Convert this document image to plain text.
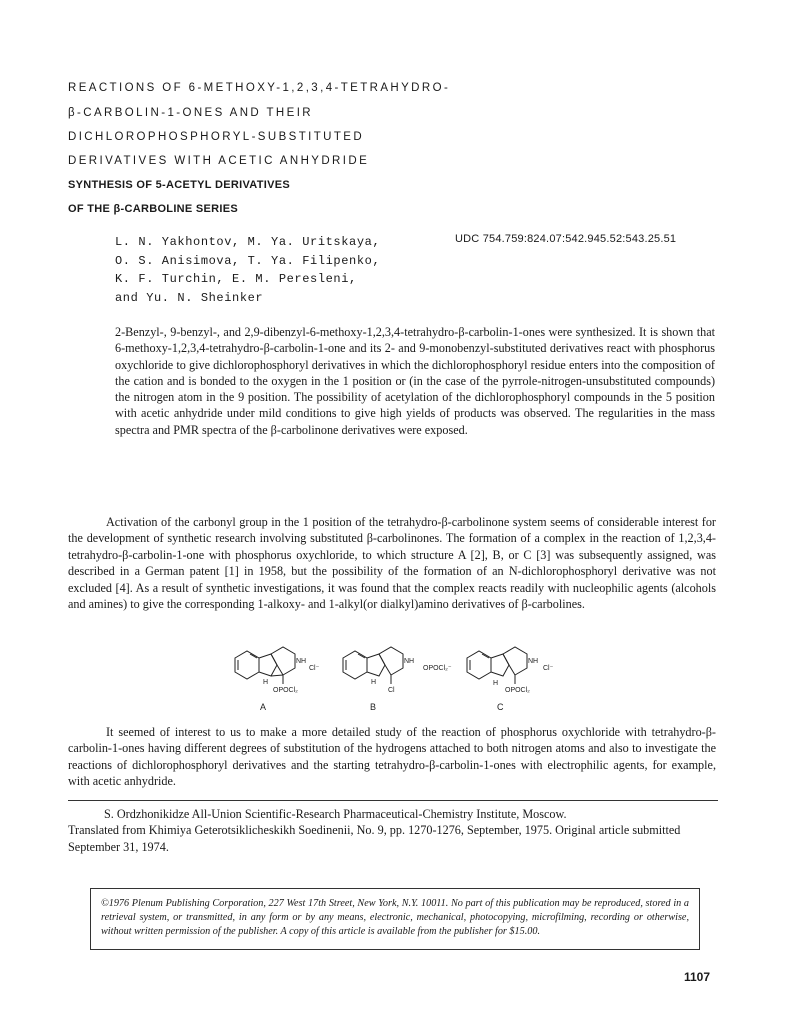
REACTIONS OF 6-METHOXY-1,2,3,4-TETRAHYDRO-
β-CARBOLIN-1-ONES AND THEIR
DICHLOROPHOSPHORYL-SUBSTITUTED
DERIVATIVES WITH ACETIC ANHYDRIDE
SYNTHESIS OF 5-ACETYL DERIVATIVES
OF THE β-CARBOLINE SERIES
L. N. Yakhontov, M. Ya. Uritskaya,
O. S. Anisimova, T. Ya. Filipenko,
K. F. Turchin, E. M. Peresleni,
and Yu. N. Sheinker
UDC 754.759:824.07:542.945.52:543.25.51
2-Benzyl-, 9-benzyl-, and 2,9-dibenzyl-6-methoxy-1,2,3,4-tetrahydro-β-carbolin-1-ones were synthesized. It is shown that 6-methoxy-1,2,3,4-tetrahydro-β-carbolin-1-one and its 2- and 9-monobenzyl-substituted derivatives react with phosphorus oxychloride to give dichlorophosphoryl derivatives in which the dichlorophosphoryl residue enters into the composition of the cation and is bonded to the oxygen in the 1 position or (in the case of the pyrrole-nitrogen-unsubstituted compounds) the nitrogen atom in the 9 position. The possibility of acetylation of the dichlorophosphoryl compounds in the 5 position with acetic anhydride under mild conditions to give high yields of products was observed. The regularities in the mass spectra and PMR spectra of the β-carbolinone derivatives were exposed.
Activation of the carbonyl group in the 1 position of the tetrahydro-β-carbolinone system seems of considerable interest for the development of synthetic research involving substituted β-carbolinones. The formation of a complex in the reaction of 1,2,3,4-tetrahydro-β-carbolin-1-one with phosphorus oxychloride, to which structure A [2], B, or C [3] was subsequently assigned, was described in a German patent [1] in 1958, but the possibility of the formation of an N-dichlorophosphoryl derivative was not excluded [4]. As a result of synthetic investigations, it was found that the complex reacts readily with nucleophilic agents (alcohols and amines) to give the corresponding 1-alkoxy- and 1-alkyl(or dialkyl)amino derivatives of β-carbolines.
NH
Cl⁻
H
OPOCl₂
NH
H
Cl
OPOCl₂⁻
NH
Cl⁻
H
OPOCl₂
A	B	C
It seemed of interest to us to make a more detailed study of the reaction of phosphorus oxychloride with tetrahydro-β-carbolin-1-ones having different degrees of substitution of the hydrogens attached to both nitrogen atoms and also to investigate the reactions of dichlorophosphoryl derivatives and the starting tetrahydro-β-carbolin-1-ones with electrophilic agents, for example, with acetic anhydride.
S. Ordzhonikidze All-Union Scientific-Research Pharmaceutical-Chemistry Institute, Moscow.
Translated from Khimiya Geterotsiklicheskikh Soedinenii, No. 9, pp. 1270-1276, September, 1975. Original article submitted September 31, 1974.
©1976 Plenum Publishing Corporation, 227 West 17th Street, New York, N.Y. 10011. No part of this publication may be reproduced, stored in a retrieval system, or transmitted, in any form or by any means, electronic, mechanical, photocopying, microfilming, recording or otherwise, without written permission of the publisher. A copy of this article is available from the publisher for $15.00.
1107
